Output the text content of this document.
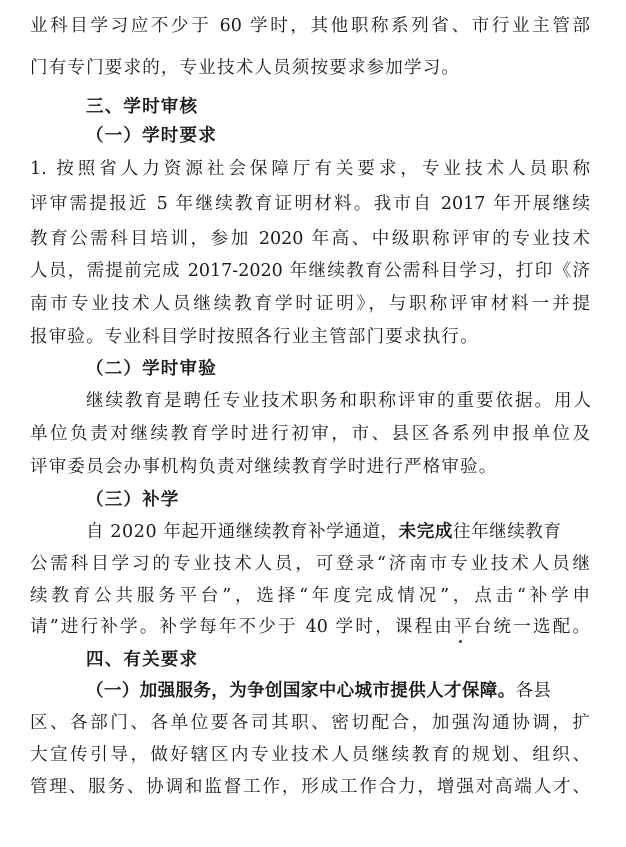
业科目学习应不少于 60 学时，其他职称系列省、市行业主管部
门有专门要求的，专业技术人员须按要求参加学习。
三、学时审核
（一）学时要求
1. 按照省人力资源社会保障厅有关要求，专业技术人员职称
评审需提报近 5 年继续教育证明材料。我市自 2017 年开展继续
教育公需科目培训，参加 2020 年高、中级职称评审的专业技术
人员，需提前完成 2017-2020 年继续教育公需科目学习，打印《济
南市专业技术人员继续教育学时证明》，与职称评审材料一并提
报审验。专业科目学时按照各行业主管部门要求执行。
（二）学时审验
继续教育是聘任专业技术职务和职称评审的重要依据。用人
单位负责对继续教育学时进行初审，市、县区各系列申报单位及
评审委员会办事机构负责对继续教育学时进行严格审验。
（三）补学
自 2020 年起开通继续教育补学通道，未完成往年继续教育
公需科目学习的专业技术人员，可登录“济南市专业技术人员继
续教育公共服务平台”，选择“年度完成情况”，点击“补学申
请”进行补学。补学每年不少于 40 学时，课程由平台统一选配。
四、有关要求
（一）加强服务，为争创国家中心城市提供人才保障。各县
区、各部门、各单位要各司其职、密切配合，加强沟通协调，扩
大宣传引导，做好辖区内专业技术人员继续教育的规划、组织、
管理、服务、协调和监督工作，形成工作合力，增强对高端人才、
